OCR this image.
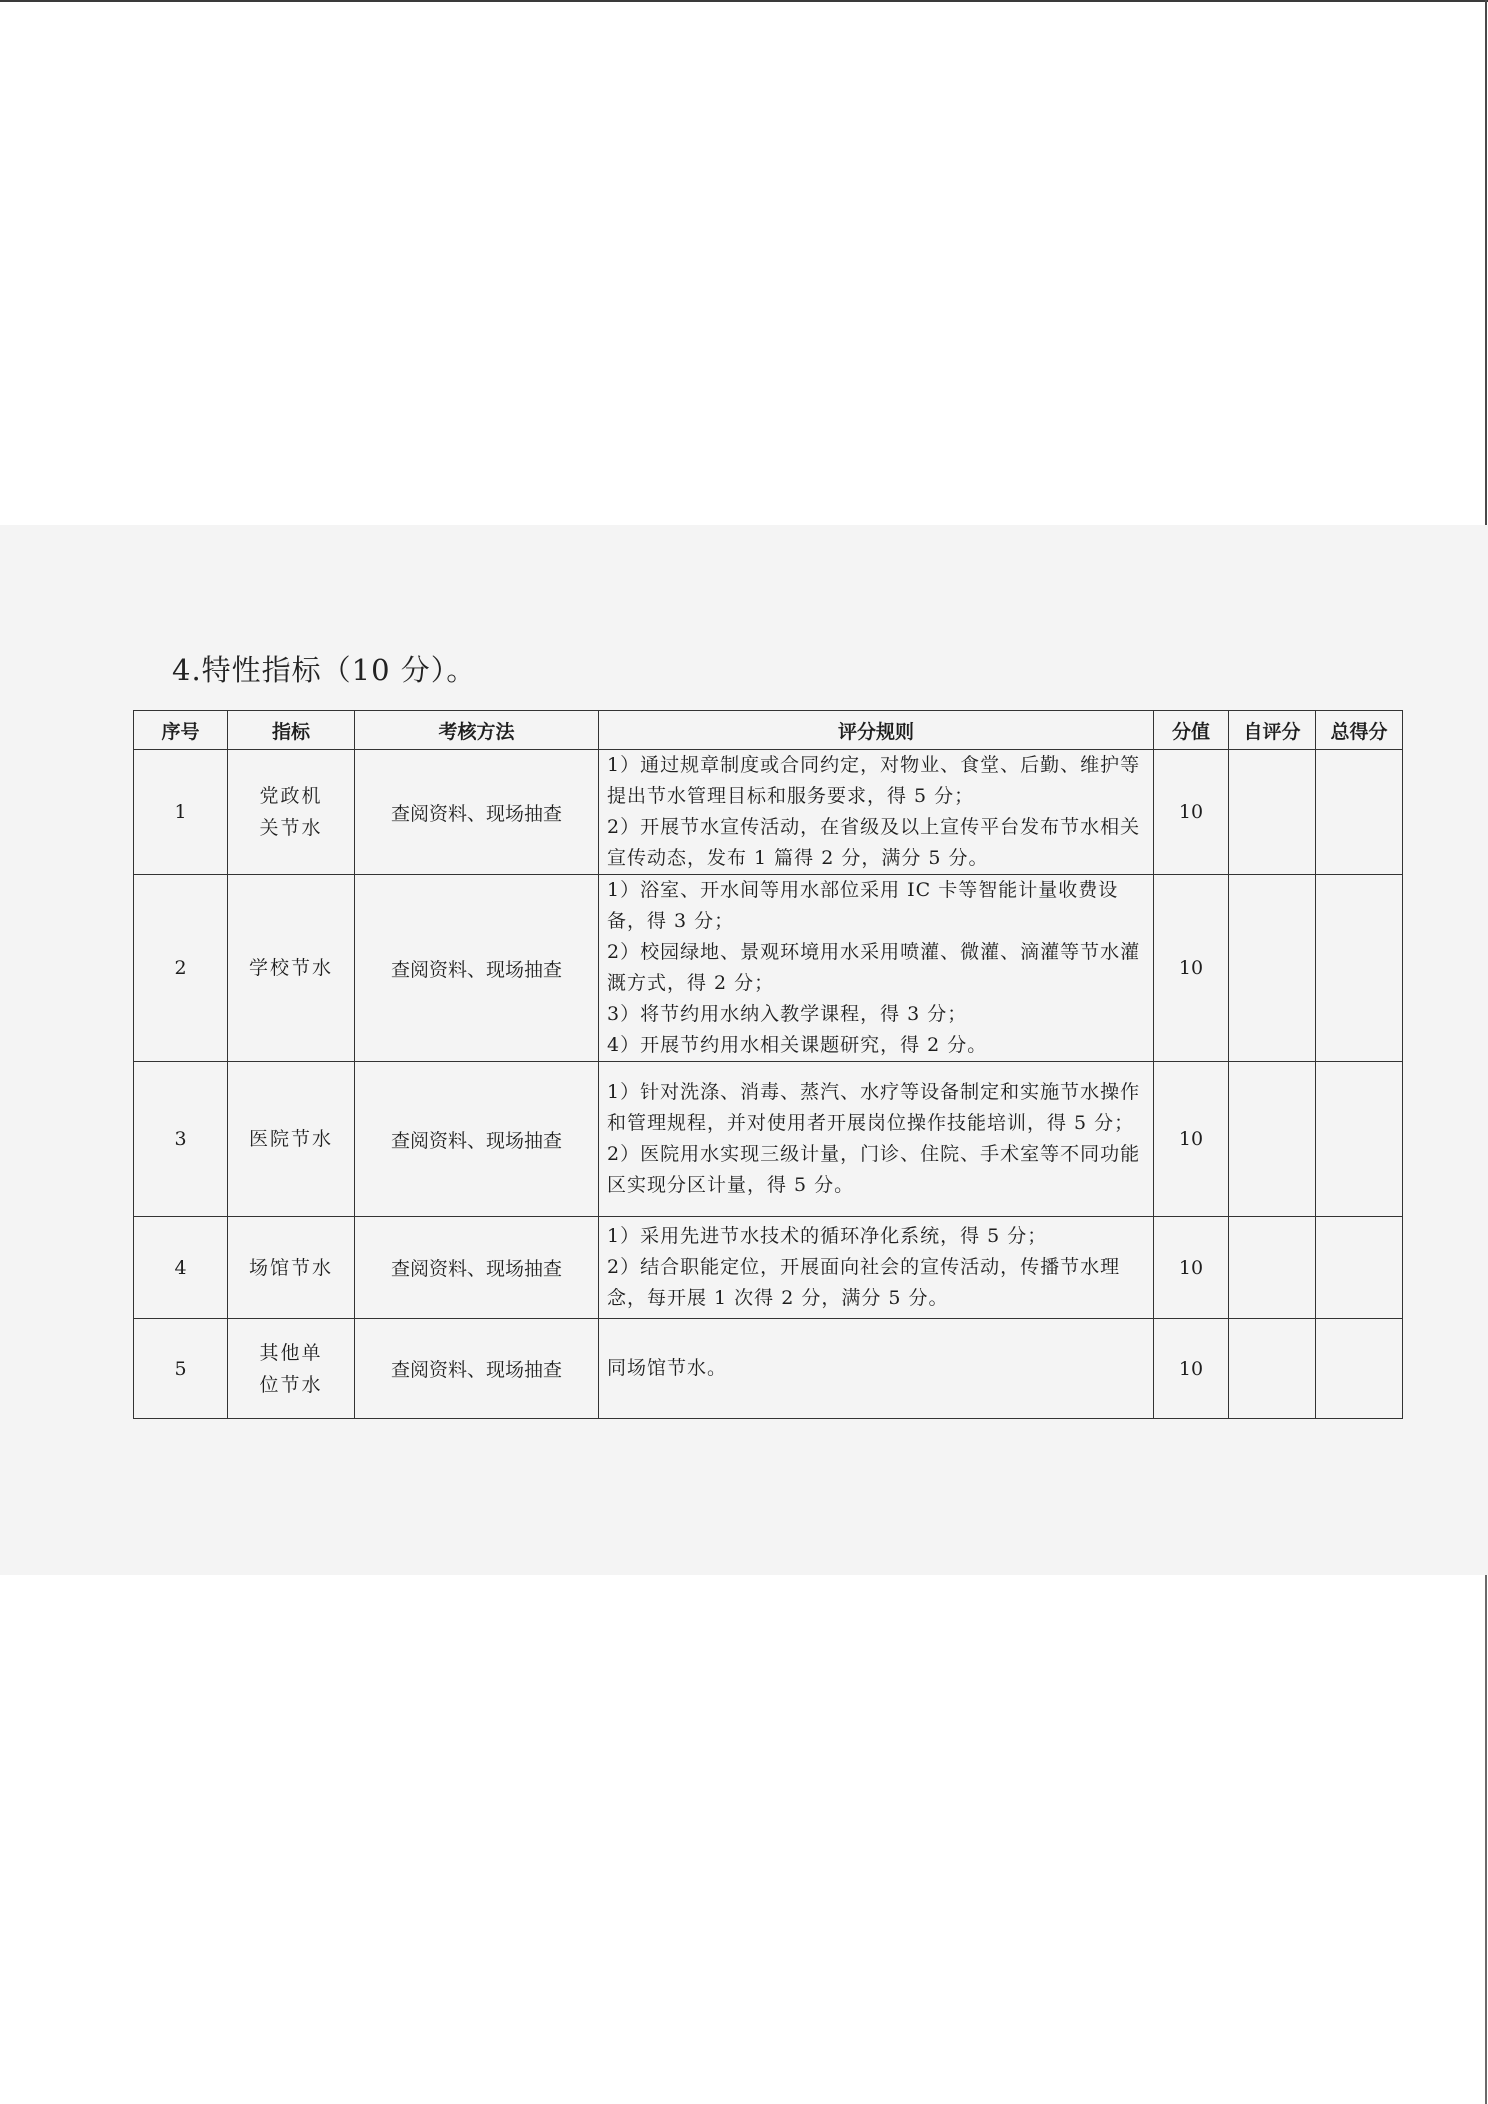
4.特性指标（10 分）。
序号	指标	考核方法	评分规则	分值	自评分	总得分
1	党政机关节水	查阅资料、现场抽查	1）通过规章制度或合同约定，对物业、食堂、后勤、维护等提出节水管理目标和服务要求，得 5 分；
2）开展节水宣传活动，在省级及以上宣传平台发布节水相关宣传动态，发布 1 篇得 2 分，满分 5 分。	10		
2	学校节水	查阅资料、现场抽查	1）浴室、开水间等用水部位采用 IC 卡等智能计量收费设备，得 3 分；
2）校园绿地、景观环境用水采用喷灌、微灌、滴灌等节水灌溉方式，得 2 分；
3）将节约用水纳入教学课程，得 3 分；
4）开展节约用水相关课题研究，得 2 分。	10		
3	医院节水	查阅资料、现场抽查	1）针对洗涤、消毒、蒸汽、水疗等设备制定和实施节水操作和管理规程，并对使用者开展岗位操作技能培训，得 5 分；
2）医院用水实现三级计量，门诊、住院、手术室等不同功能区实现分区计量，得 5 分。	10		
4	场馆节水	查阅资料、现场抽查	1）采用先进节水技术的循环净化系统，得 5 分；
2）结合职能定位，开展面向社会的宣传活动，传播节水理念，每开展 1 次得 2 分，满分 5 分。	10		
5	其他单位节水	查阅资料、现场抽查	同场馆节水。	10		
